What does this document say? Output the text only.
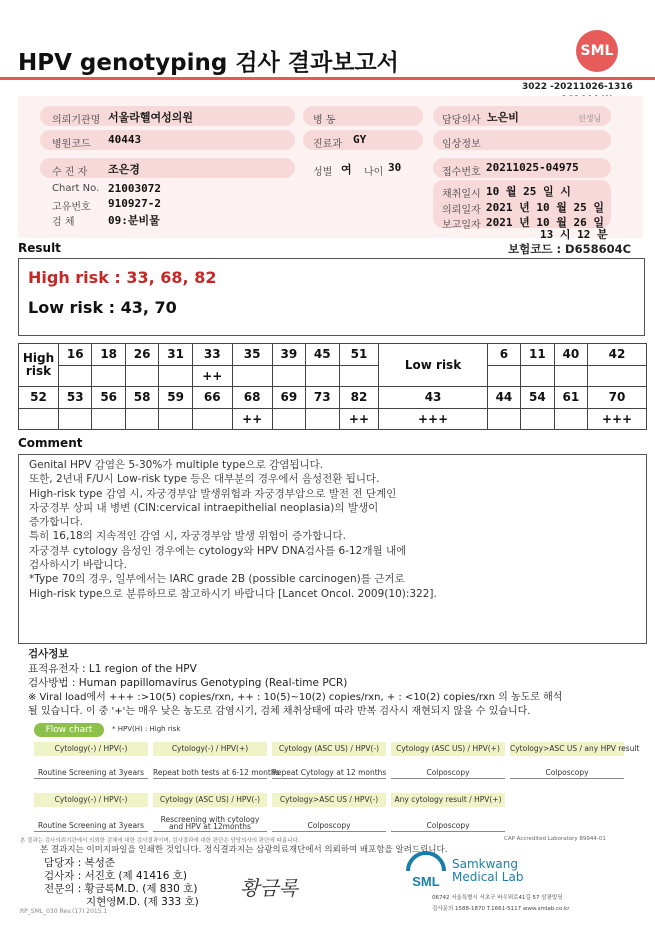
HPV genotyping 검사 결과보고서	SML
3022 -20211026-1316
의뢰기관명 서울라헬여성의원	병 동	담당의사 노은비	선생님
병원코드 40443	진료과 GY	임상정보
수 진 자 조은경	성별 여 나이 30	접수번호 20211025-04975
Chart No. 21003072
고유번호 910927-2
검 체	09:분비물
채취일시 10 월 25 일 시
의뢰일자 2021 년 10 월 25 일
보고일자 2021 년 10 월 26 일
13 시 12 분
Result	보험코드 : D658604C
High risk : 33, 68, 82
Low risk : 43, 70
High risk	16	18	26	31	33	35	39	45	51	Low risk	6	11	40	42
					++									
52	53	56	58	59	66	68	69	73	82	43	44	54	61	70
						++			++	+++				+++
Comment
Genital HPV 감염은 5-30%가 multiple type으로 감염됩니다.
또한, 2년내 F/U시 Low-risk type 등은 대부분의 경우에서 음성전환 됩니다.
High-risk type 감염 시, 자궁경부암 발생위험과 자궁경부암으로 발전 전 단계인
자궁경부 상피 내 병변 (CIN:cervical intraepithelial neoplasia)의 발생이
증가합니다.
특히 16,18의 지속적인 감염 시, 자궁경부암 발생 위험이 증가합니다.
자궁경부 cytology 음성인 경우에는 cytology와 HPV DNA검사를 6-12개월 내에
검사하시기 바랍니다.
*Type 70의 경우, 일부에서는 IARC grade 2B (possible carcinogen)를 근거로
High-risk type으로 분류하므로 참고하시기 바랍니다 [Lancet Oncol. 2009(10):322].
검사정보
표적유전자 : L1 region of the HPV
검사방법 : Human papillomavirus Genotyping (Real-time PCR)
※ Viral load에서 +++ :>10(5) copies/rxn, ++ : 10(5)~10(2) copies/rxn, + : <10(2) copies/rxn 의 농도로 해석
될 있습니다. 이 중 '+'는 매우 낮은 농도로 감염시기, 검체 채취상태에 따라 반복 검사시 재현되지 않을 수 있습니다.
Flow chart	* HPV(H) : High risk
Cytology(-) / HPV(-)	Cytology(-) / HPV(+)	Cytology (ASC US) / HPV(-)	Cytology (ASC US) / HPV(+)	Cytology>ASC US / any HPV result
Routine Screening at 3years	Repeat both tests at 6-12 months
Repeat Cytology at 12 months	Colposcopy	Colposcopy
Cytology(-) / HPV(-)	Cytology (ASC US) / HPV(-)	Cytology>ASC US / HPV(-)	Any cytology result / HPV(+)
Routine Screening at 3years
Rescreening with cytology and HPV at 12months	Colposcopy	Colposcopy
본 결과는 검사의뢰기관에서 의뢰한 검체에 대한 검사결과이며, 검사결과에 대한 판단은 담당의사의 판단에 따릅니다.	CAP Accredited Laboratory 89944-01
본 결과지는 이미지파일을 인쇄한 것입니다. 정식결과지는 삼광의료재단에서 의뢰하여 배포함을 알려드립니다.
담당자 : 복성준
검사자 : 서진호 (제 41416 호)
전문의 : 황금록M.D. (제 830 호)
지현영M.D. (제 333 호)
RP_SML_030 Rev.(17) 2015.1
황금록	SML
Samkwang
Medical Lab
06742 서울특별시 서초구 바우뫼로41길 57 삼광빌딩
검사문의 1588-1870 T.1661-5117 www.smlab.co.kr
